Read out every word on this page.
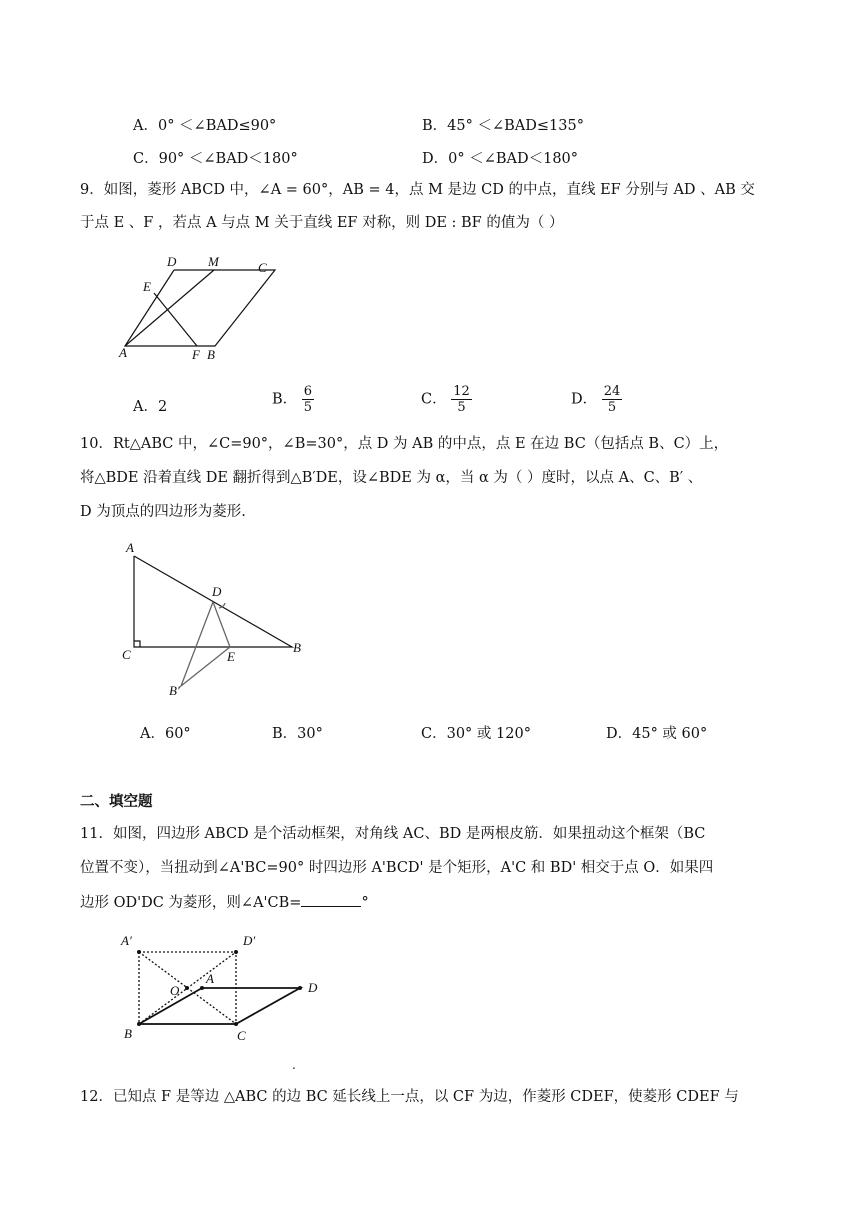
A．0° ＜∠BAD≤90°	B．45° ＜∠BAD≤135°
C．90° ＜∠BAD＜180°	D．0° ＜∠BAD＜180°
9．如图，菱形 ABCD 中，∠A = 60°，AB = 4，点 M 是边 CD 的中点，直线 EF 分别与 AD 、AB 交
于点 E 、F ，若点 A 与点 M 关于直线 EF 对称，则 DE : BF 的值为（ ）
D M	C
E
A	F B
A．2	B． $\frac{6}{5}$	C． $\frac{12}{5}$	D． $\frac{24}{5}$
10．Rt△ABC 中，∠C=90°，∠B=30°，点 D 为 AB 的中点，点 E 在边 BC（包括点 B、C）上，
将△BDE 沿着直线 DE 翻折得到△B′DE，设∠BDE 为 α，当 α 为（ ）度时，以点 A、C、B′ 、
D 为顶点的四边形为菱形.
A
D
C	E
B
B′
A．60°	B．30°	C．30° 或 120°	D．45° 或 60°
二、填空题
11．如图，四边形 ABCD 是个活动框架，对角线 AC、BD 是两根皮筋．如果扭动这个框架（BC
位置不变），当扭动到∠A'BC=90° 时四边形 A'BCD' 是个矩形，A'C 和 BD' 相交于点 O．如果四
边形 OD'DC 为菱形，则∠A'CB=	°
A′	D′
O
A
D
B	C
.
12．已知点 F 是等边 △ABC 的边 BC 延长线上一点，以 CF 为边，作菱形 CDEF，使菱形 CDEF 与
